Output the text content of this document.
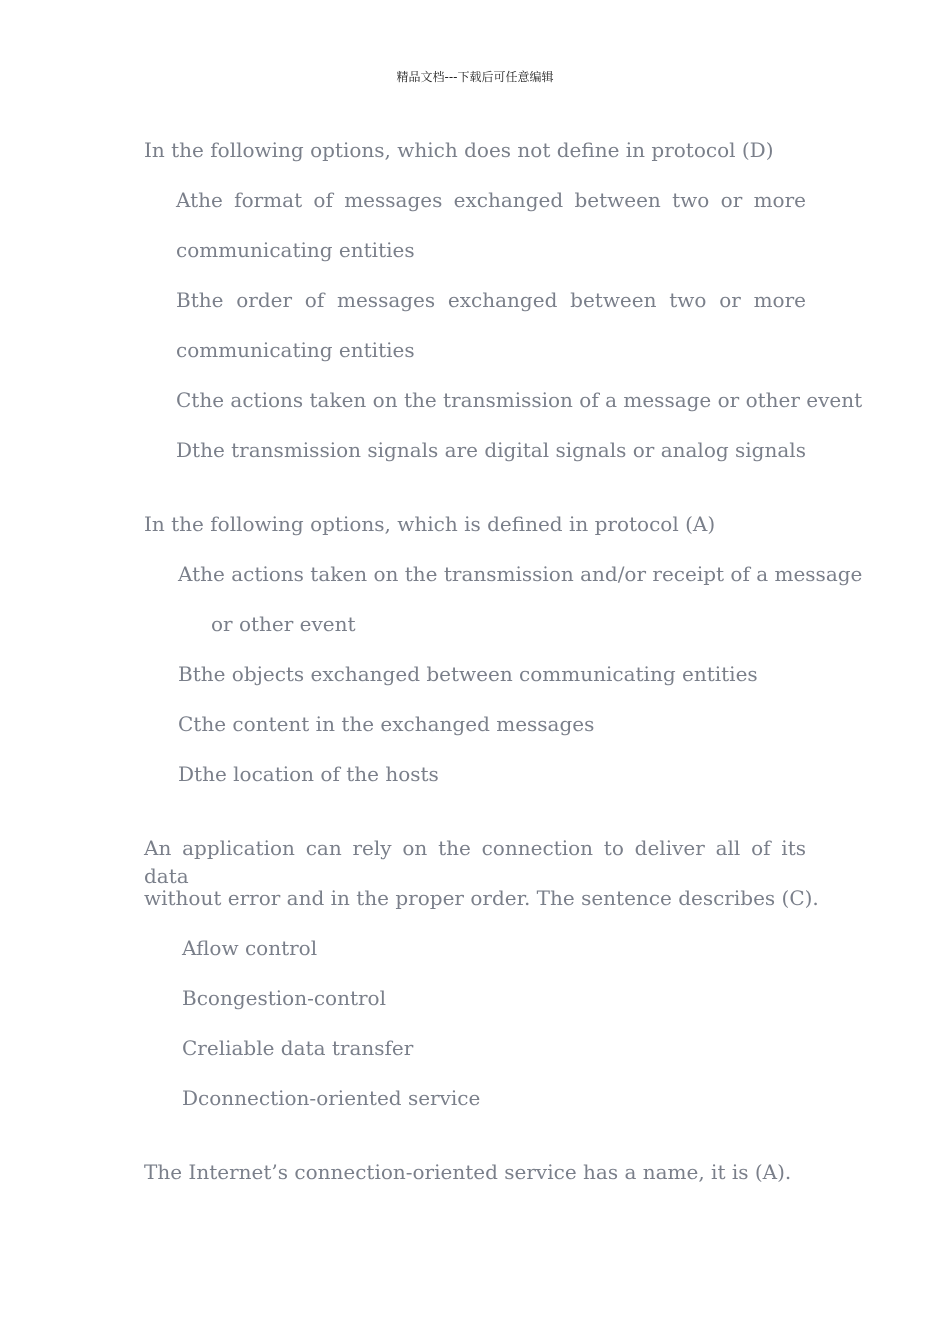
精品文档---下载后可任意编辑
In the following options, which does not define in protocol (D)
Athe format of messages exchanged between two or more
communicating entities
Bthe order of messages exchanged between two or more
communicating entities
Cthe actions taken on the transmission of a message or other event
Dthe transmission signals are digital signals or analog signals
In the following options, which is defined in protocol (A)
Athe actions taken on the transmission and/or receipt of a message
or other event
Bthe objects exchanged between communicating entities
Cthe content in the exchanged messages
Dthe location of the hosts
An application can rely on the connection to deliver all of its data
without error and in the proper order. The sentence describes (C).
Aflow control
Bcongestion-control
Creliable data transfer
Dconnection-oriented service
The Internet’s connection-oriented service has a name, it is (A).
